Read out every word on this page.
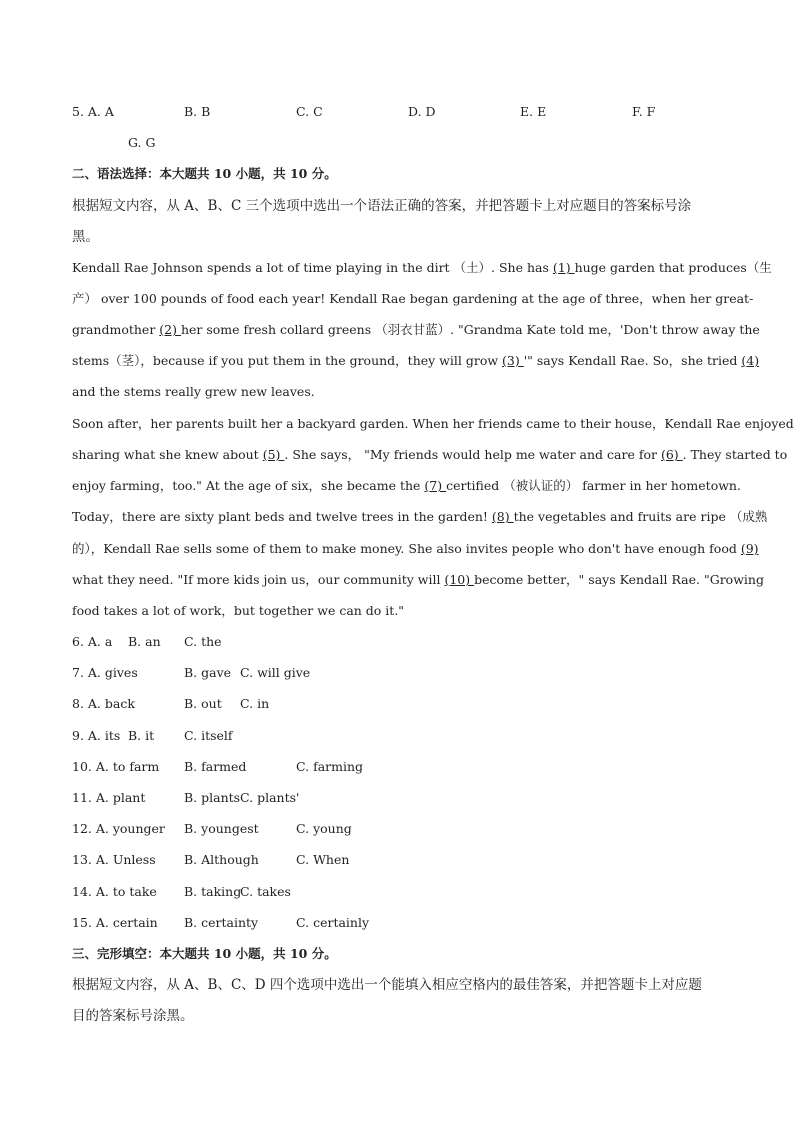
5. A. A	B. B	C. C	D. D	E. E	F. F
G. G
二、语法选择：本大题共 10 小题，共 10 分。
根据短文内容，从 A、B、C 三个选项中选出一个语法正确的答案，并把答题卡上对应题目的答案标号涂
黑。
Kendall Rae Johnson spends a lot of time playing in the dirt （土）. She has (1) huge garden that produces（生
产） over 100 pounds of food each year! Kendall Rae began gardening at the age of three，when her great-
grandmother (2) her some fresh collard greens （羽衣甘蓝）. "Grandma Kate told me，'Don't throw away the
stems（茎），because if you put them in the ground，they will grow (3) '" says Kendall Rae. So，she tried (4)
and the stems really grew new leaves.
Soon after，her parents built her a backyard garden. When her friends came to their house，Kendall Rae enjoyed
sharing what she knew about (5) . She says， "My friends would help me water and care for (6) . They started to
enjoy farming，too." At the age of six，she became the (7) certified （被认证的） farmer in her hometown.
Today，there are sixty plant beds and twelve trees in the garden! (8) the vegetables and fruits are ripe （成熟
的），Kendall Rae sells some of them to make money. She also invites people who don't have enough food (9)
what they need. "If more kids join us，our community will (10) become better，" says Kendall Rae. "Growing
food takes a lot of work，but together we can do it."
6. A. a B. an C. the
7. A. gives	B. gave C. will give
8. A. back	B. out C. in
9. A. its B. it C. itself
10. A. to farm B. farmed	C. farming
11. A. plant	B. plantsC. plants'
12. A. younger B. youngest	C. young
13. A. Unless B. Although	C. When
14. A. to take B. takingC. takes
15. A. certain B. certainty	C. certainly
三、完形填空：本大题共 10 小题，共 10 分。
根据短文内容，从 A、B、C、D 四个选项中选出一个能填入相应空格内的最佳答案，并把答题卡上对应题
目的答案标号涂黑。
